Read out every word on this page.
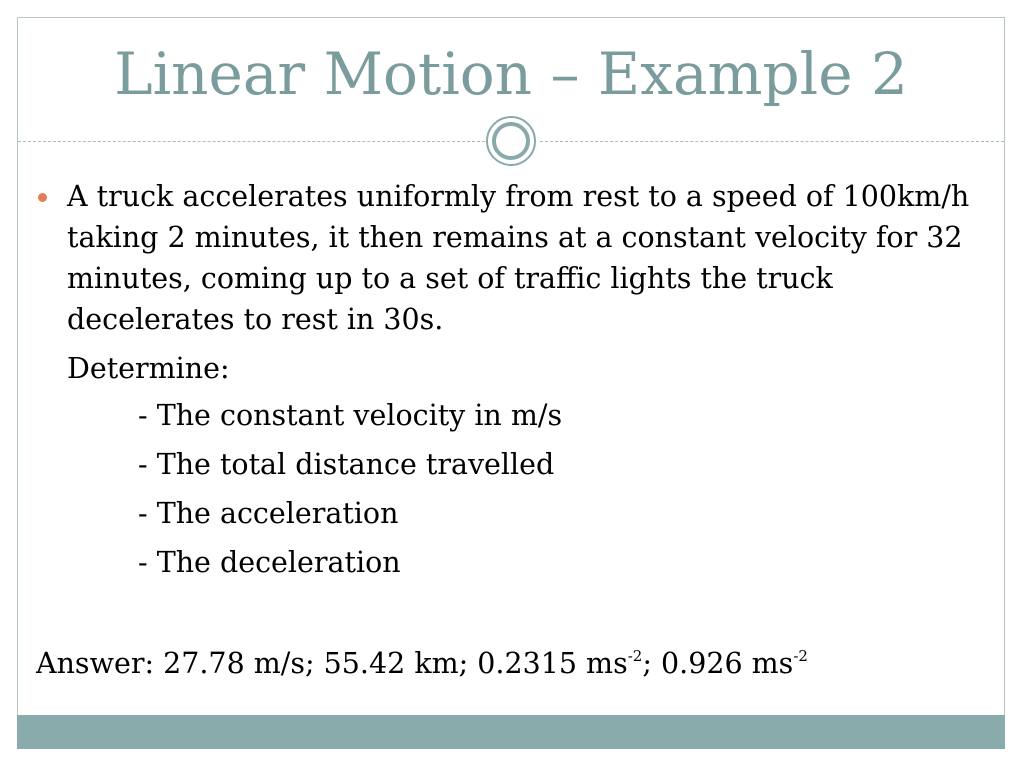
Linear Motion – Example 2
A truck accelerates uniformly from rest to a speed of 100km/h taking 2 minutes, it then remains at a constant velocity for 32 minutes, coming up to a set of traffic lights the truck decelerates to rest in 30s.
Determine:
- The constant velocity in m/s
- The total distance travelled
- The acceleration
- The deceleration
Answer: 27.78 m/s; 55.42 km; 0.2315 $ms^{-2}$; 0.926 $ms^{-2}$
